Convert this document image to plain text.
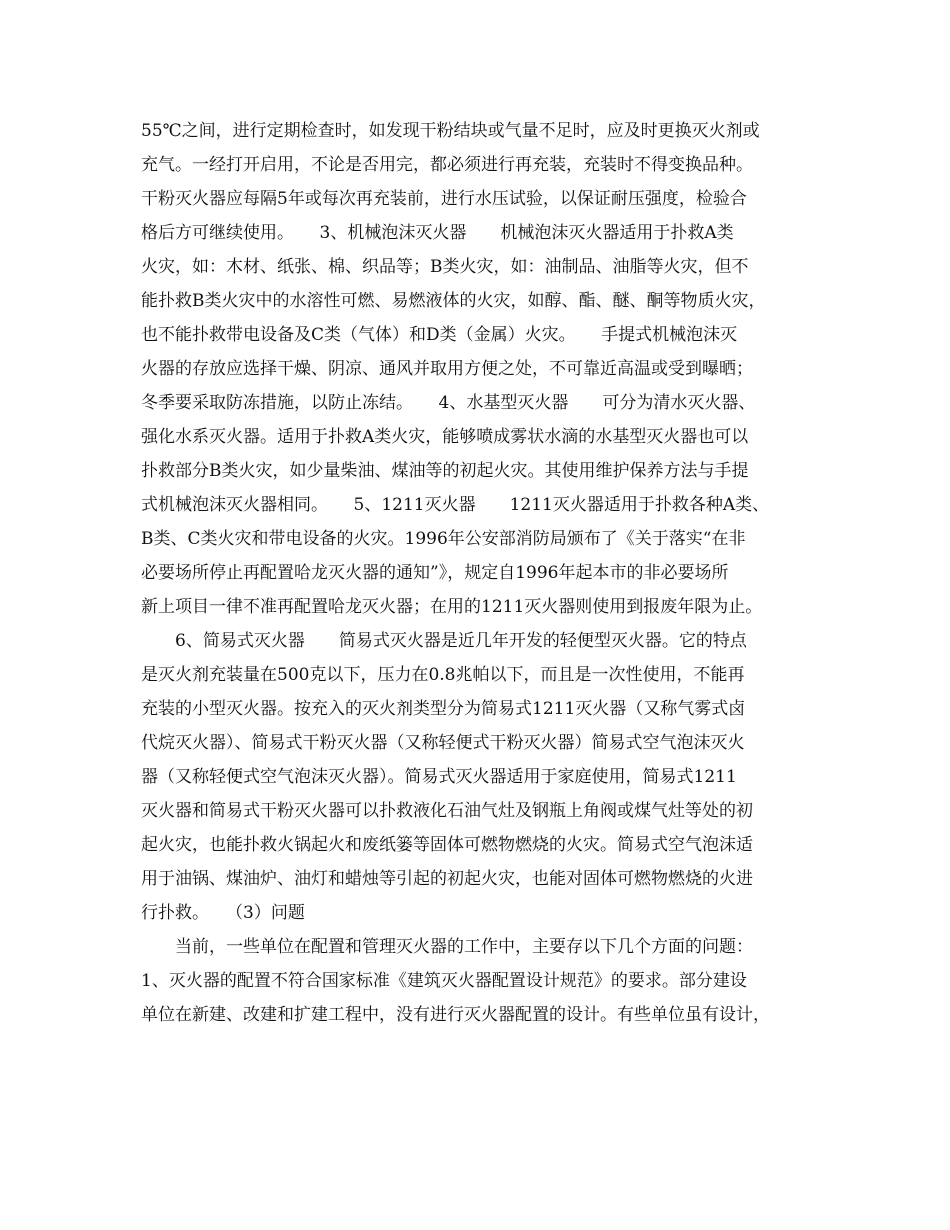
55℃之间，进行定期检查时，如发现干粉结块或气量不足时，应及时更换灭火剂或
充气。一经打开启用，不论是否用完，都必须进行再充装，充装时不得变换品种。
干粉灭火器应每隔5年或每次再充装前，进行水压试验，以保证耐压强度，检验合
格后方可继续使用。　　3、机械泡沫灭火器　　机械泡沫灭火器适用于扑救A类
火灾，如：木材、纸张、棉、织品等；B类火灾，如：油制品、油脂等火灾，但不
能扑救B类火灾中的水溶性可燃、易燃液体的火灾，如醇、酯、醚、酮等物质火灾，
也不能扑救带电设备及C类（气体）和D类（金属）火灾。　　手提式机械泡沫灭
火器的存放应选择干燥、阴凉、通风并取用方便之处，不可靠近高温或受到曝晒；
冬季要采取防冻措施，以防止冻结。　　4、水基型灭火器　　可分为清水灭火器、
强化水系灭火器。适用于扑救A类火灾，能够喷成雾状水滴的水基型灭火器也可以
扑救部分B类火灾，如少量柴油、煤油等的初起火灾。其使用维护保养方法与手提
式机械泡沫灭火器相同。　　5、1211灭火器　　1211灭火器适用于扑救各种A类、
B类、C类火灾和带电设备的火灾。1996年公安部消防局颁布了《关于落实“在非
必要场所停止再配置哈龙灭火器的通知”》，规定自1996年起本市的非必要场所
新上项目一律不准再配置哈龙灭火器；在用的1211灭火器则使用到报废年限为止。
6、简易式灭火器　　简易式灭火器是近几年开发的轻便型灭火器。它的特点
是灭火剂充装量在500克以下，压力在0.8兆帕以下，而且是一次性使用，不能再
充装的小型灭火器。按充入的灭火剂类型分为简易式1211灭火器（又称气雾式卤
代烷灭火器）、简易式干粉灭火器（又称轻便式干粉灭火器）简易式空气泡沫灭火
器（又称轻便式空气泡沫灭火器）。简易式灭火器适用于家庭使用，简易式1211
灭火器和简易式干粉灭火器可以扑救液化石油气灶及钢瓶上角阀或煤气灶等处的初
起火灾，也能扑救火锅起火和废纸篓等固体可燃物燃烧的火灾。简易式空气泡沫适
用于油锅、煤油炉、油灯和蜡烛等引起的初起火灾，也能对固体可燃物燃烧的火进
行扑救。　　（3）问题
当前，一些单位在配置和管理灭火器的工作中，主要存以下几个方面的问题：
1、灭火器的配置不符合国家标准《建筑灭火器配置设计规范》的要求。部分建设
单位在新建、改建和扩建工程中，没有进行灭火器配置的设计。有些单位虽有设计，
